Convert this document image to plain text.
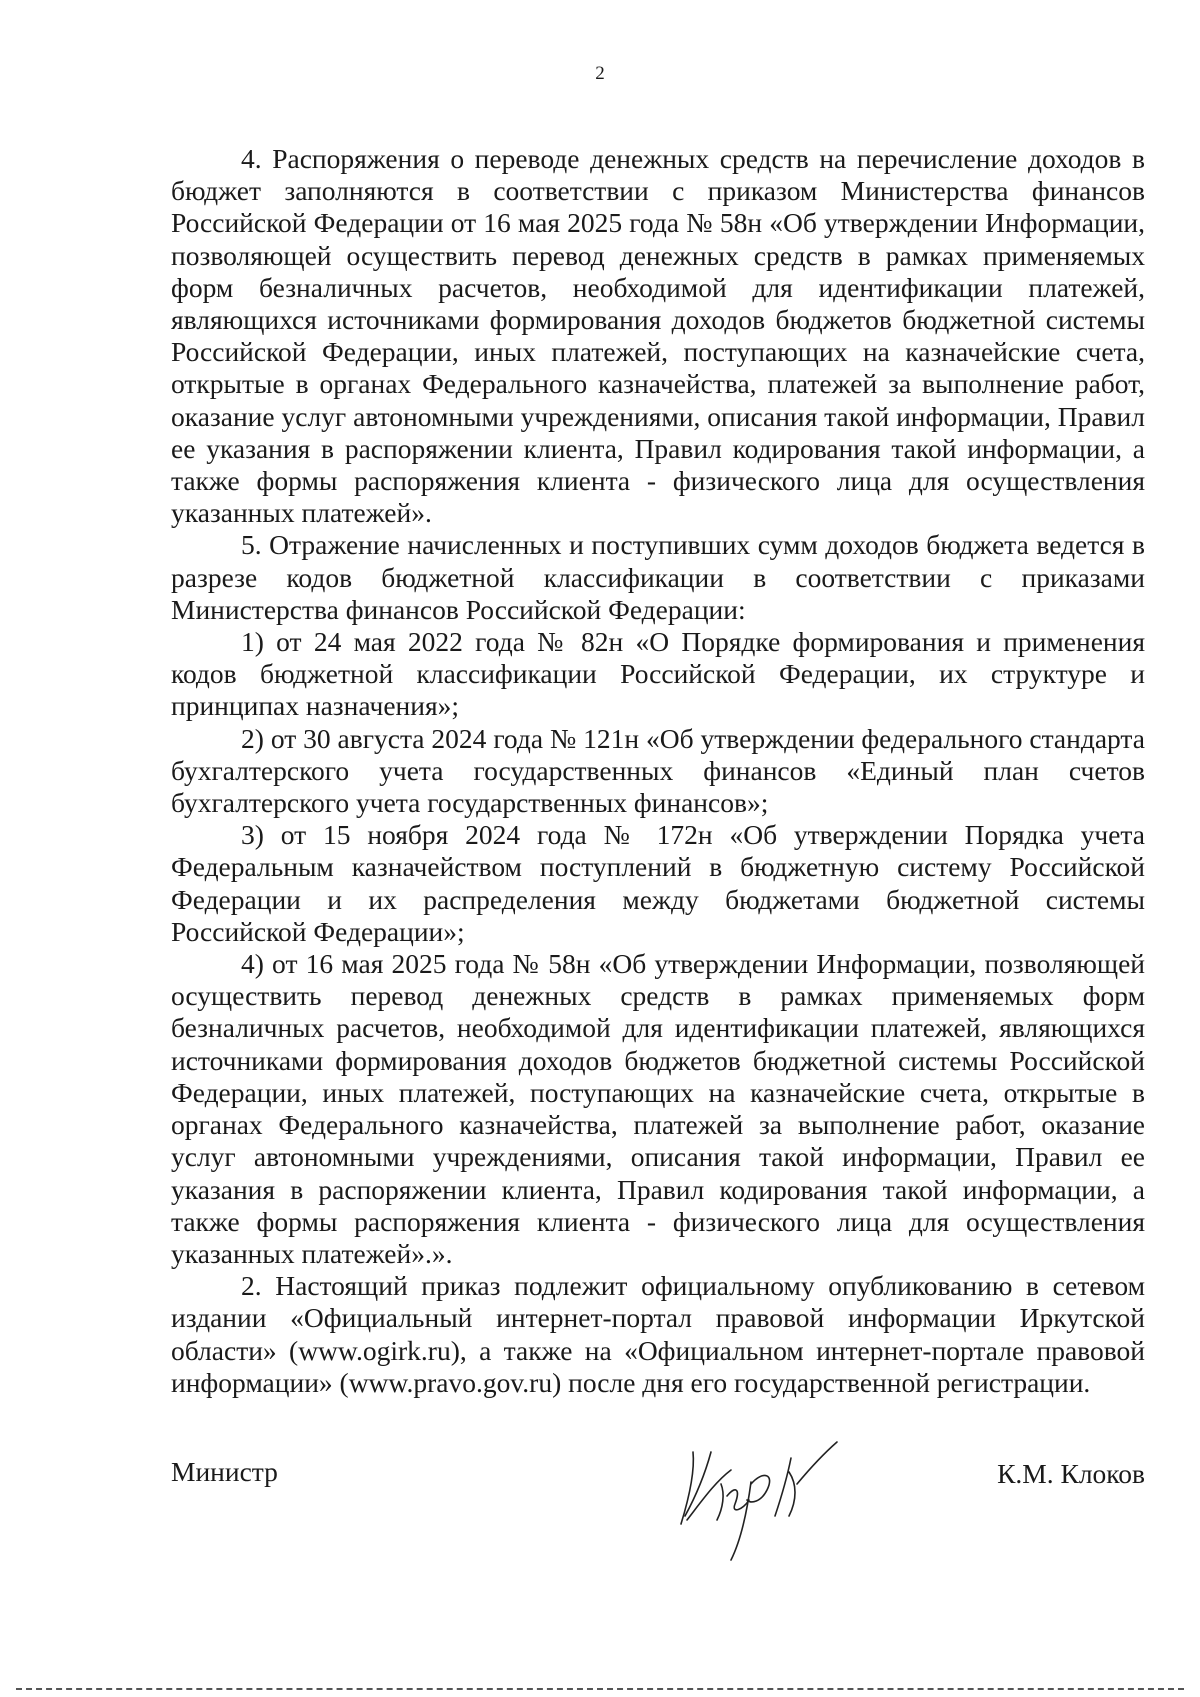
2

4. Распоряжения о переводе денежных средств на перечисление доходов в бюджет заполняются в соответствии с приказом Министерства финансов Российской Федерации от 16 мая 2025 года № 58н «Об утверждении Информации, позволяющей осуществить перевод денежных средств в рамках применяемых форм безналичных расчетов, необходимой для идентификации платежей, являющихся источниками формирования доходов бюджетов бюджетной системы Российской Федерации, иных платежей, поступающих на казначейские счета, открытые в органах Федерального казначейства, платежей за выполнение работ, оказание услуг автономными учреждениями, описания такой информации, Правил ее указания в распоряжении клиента, Правил кодирования такой информации, а также формы распоряжения клиента - физического лица для осуществления указанных платежей».

5. Отражение начисленных и поступивших сумм доходов бюджета ведется в разрезе кодов бюджетной классификации в соответствии с приказами Министерства финансов Российской Федерации:

1) от 24 мая 2022 года № 82н «О Порядке формирования и применения кодов бюджетной классификации Российской Федерации, их структуре и принципах назначения»;

2) от 30 августа 2024 года № 121н «Об утверждении федерального стандарта бухгалтерского учета государственных финансов «Единый план счетов бухгалтерского учета государственных финансов»;

3) от 15 ноября 2024 года № 172н «Об утверждении Порядка учета Федеральным казначейством поступлений в бюджетную систему Российской Федерации и их распределения между бюджетами бюджетной системы Российской Федерации»;

4) от 16 мая 2025 года № 58н «Об утверждении Информации, позволяющей осуществить перевод денежных средств в рамках применяемых форм безналичных расчетов, необходимой для идентификации платежей, являющихся источниками формирования доходов бюджетов бюджетной системы Российской Федерации, иных платежей, поступающих на казначейские счета, открытые в органах Федерального казначейства, платежей за выполнение работ, оказание услуг автономными учреждениями, описания такой информации, Правил ее указания в распоряжении клиента, Правил кодирования такой информации, а также формы распоряжения клиента - физического лица для осуществления указанных платежей».».

2. Настоящий приказ подлежит официальному опубликованию в сетевом издании «Официальный интернет-портал правовой информации Иркутской области» (www.ogirk.ru), а также на «Официальном интернет-портале правовой информации» (www.pravo.gov.ru) после дня его государственной регистрации.

Министр	К.М. Клоков
